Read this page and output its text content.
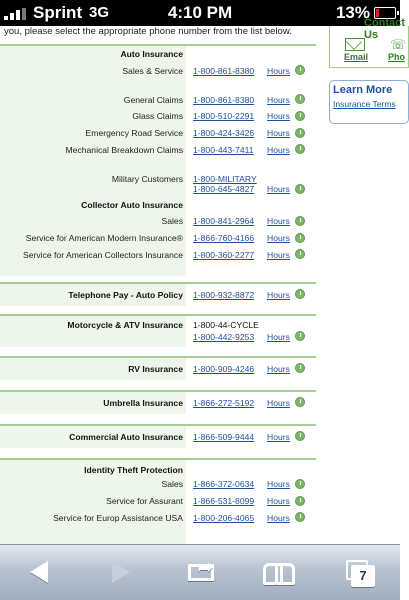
Sprint 3G	4:10 PM	13%
you, please select the appropriate phone number from the list below.
Auto Insurance
Sales & Service 1-800-861-8380 Hours
General Claims 1-800-861-8380 Hours
Glass Claims 1-800-510-2291 Hours
Emergency Road Service 1-800-424-3426 Hours
Mechanical Breakdown Claims 1-800-443-7411 Hours
Military Customers 1-800-MILITARY
1-800-645-4827 Hours
Collector Auto Insurance
Sales 1-800-841-2964 Hours
Service for American Modern Insurance® 1-866-760-4166 Hours
Service for American Collectors Insurance 1-800-360-2277 Hours
Telephone Pay - Auto Policy 1-800-932-8872 Hours
Motorcycle & ATV Insurance 1-800-44-CYCLE
1-800-442-9253 Hours
RV Insurance 1-800-909-4246 Hours
Umbrella Insurance 1-866-272-5192 Hours
Commercial Auto Insurance 1-866-509-9444 Hours
Identity Theft Protection
Sales 1-866-372-0634 Hours
Service for Assurant 1-866-531-8099 Hours
Service for Europ Assistance USA 1-800-206-4065 Hours
Contact Us
Email
☏
Pho
Learn More
Insurance Terms
➦	7
